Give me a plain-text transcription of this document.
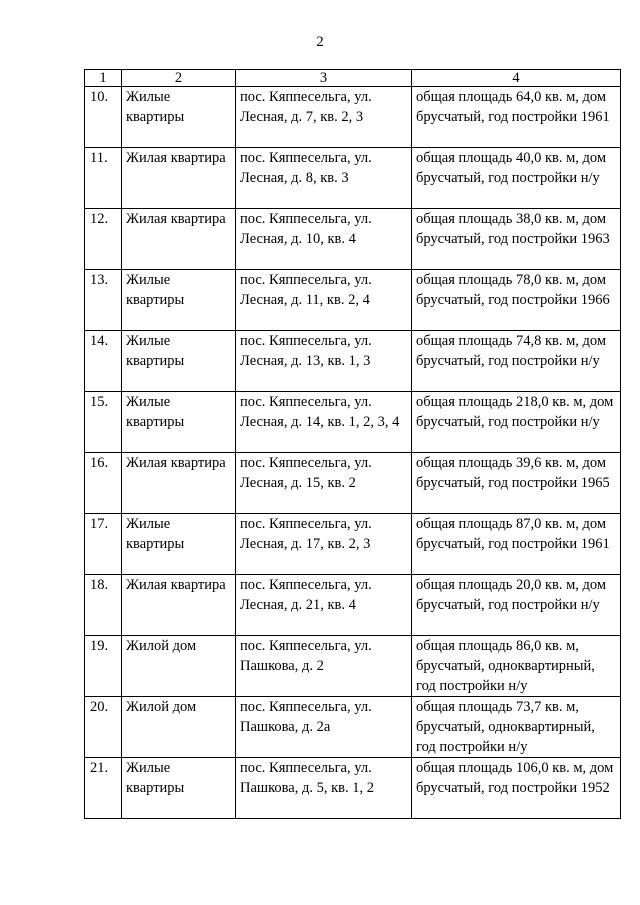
2
1	2	3	4
10.	Жилые квартиры	пос. Кяппесельга, ул. Лесная, д. 7, кв. 2, 3	общая площадь 64,0 кв. м, дом брусчатый, год постройки 1961
11.	Жилая квартира	пос. Кяппесельга, ул. Лесная, д. 8, кв. 3	общая площадь 40,0 кв. м, дом брусчатый, год постройки н/у
12.	Жилая квартира	пос. Кяппесельга, ул. Лесная, д. 10, кв. 4	общая площадь 38,0 кв. м, дом брусчатый, год постройки 1963
13.	Жилые квартиры	пос. Кяппесельга, ул. Лесная, д. 11, кв. 2, 4	общая площадь 78,0 кв. м, дом брусчатый, год постройки 1966
14.	Жилые квартиры	пос. Кяппесельга, ул. Лесная, д. 13, кв. 1, 3	общая площадь 74,8 кв. м, дом брусчатый, год постройки н/у
15.	Жилые квартиры	пос. Кяппесельга, ул. Лесная, д. 14, кв. 1, 2, 3, 4	общая площадь 218,0 кв. м, дом брусчатый, год постройки н/у
16.	Жилая квартира	пос. Кяппесельга, ул. Лесная, д. 15, кв. 2	общая площадь 39,6 кв. м, дом брусчатый, год постройки 1965
17.	Жилые квартиры	пос. Кяппесельга, ул. Лесная, д. 17, кв. 2, 3	общая площадь 87,0 кв. м, дом брусчатый, год постройки 1961
18.	Жилая квартира	пос. Кяппесельга, ул. Лесная, д. 21, кв. 4	общая площадь 20,0 кв. м, дом брусчатый, год постройки н/у
19.	Жилой дом	пос. Кяппесельга, ул. Пашкова, д. 2	общая площадь 86,0 кв. м, брусчатый, одноквартирный, год постройки н/у
20.	Жилой дом	пос. Кяппесельга, ул. Пашкова, д. 2а	общая площадь 73,7 кв. м, брусчатый, одноквартирный, год постройки н/у
21.	Жилые квартиры	пос. Кяппесельга, ул. Пашкова, д. 5, кв. 1, 2	общая площадь 106,0 кв. м, дом брусчатый, год постройки 1952
